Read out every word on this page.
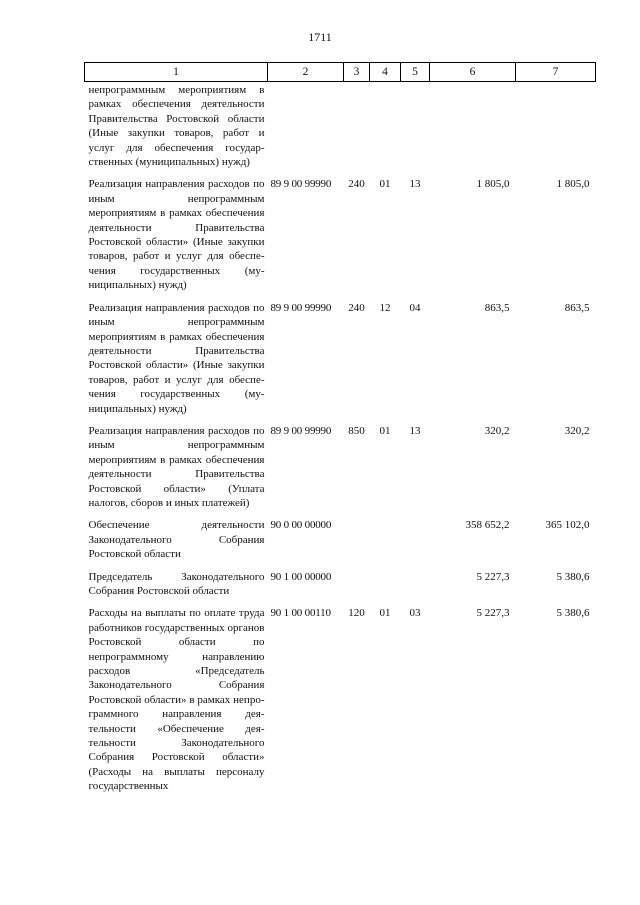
1711
1	2	3	4	5	6	7
непрограммным мероприятиям в рамках обеспечения деятельности Правительства Ростовской области (Иные закупки товаров, работ и услуг для обеспечения государственных (муниципальных) нужд)						
Реализация направления расходов по иным непрограммным мероприятиям в рамках обеспечения деятельности Правительства Ростовской области» (Иные закупки товаров, работ и услуг для обеспечения государственных (муниципальных) нужд)	89 9 00 99990	240	01	13	1 805,0	1 805,0
Реализация направления расходов по иным непрограммным мероприятиям в рамках обеспечения деятельности Правительства Ростовской области» (Иные закупки товаров, работ и услуг для обеспечения государственных (муниципальных) нужд)	89 9 00 99990	240	12	04	863,5	863,5
Реализация направления расходов по иным непрограммным мероприятиям в рамках обеспечения деятельности Правительства Ростовской области» (Уплата налогов, сборов и иных платежей)	89 9 00 99990	850	01	13	320,2	320,2
Обеспечение деятельности Законодательного Собрания Ростовской области	90 0 00 00000				358 652,2	365 102,0
Председатель Законодательного Собрания Ростовской области	90 1 00 00000				5 227,3	5 380,6
Расходы на выплаты по оплате труда работников государственных органов Ростовской области по непрограммному направлению расходов «Председатель Законодательного Собрания Ростовской области» в рамках непрограммного направления деятельности «Обеспечение деятельности Законодательного Собрания Ростовской области» (Расходы на выплаты персоналу государственных	90 1 00 00110	120	01	03	5 227,3	5 380,6
